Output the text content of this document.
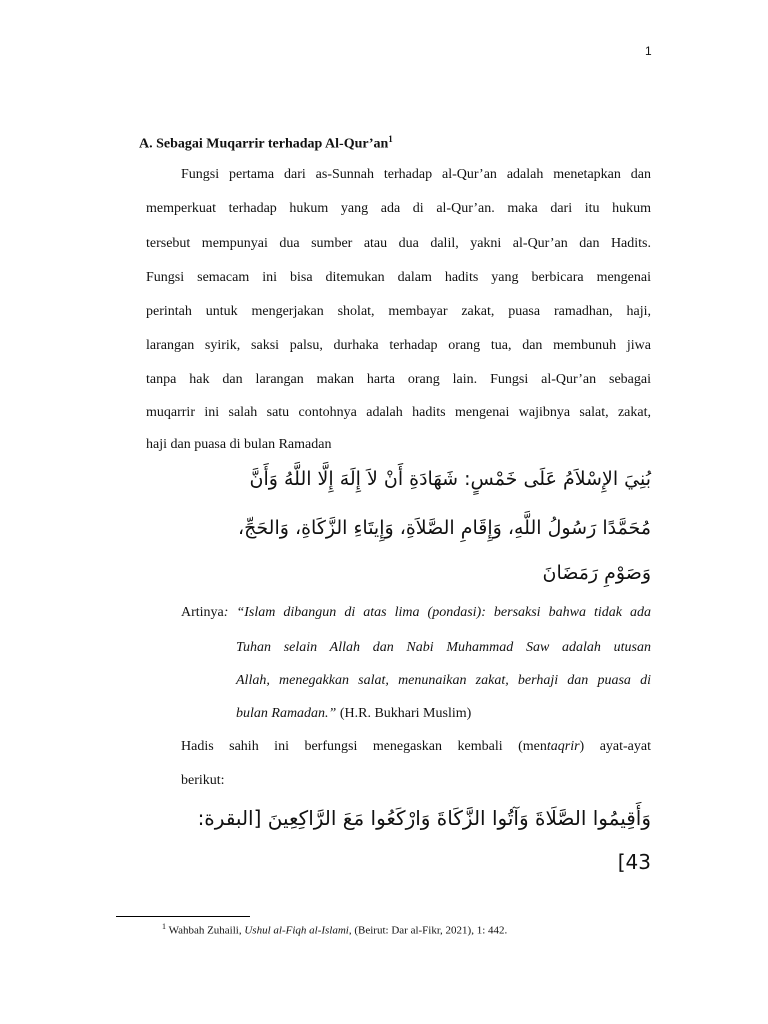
1
A. Sebagai Muqarrir terhadap $Al-Qur’an^1$
Fungsi pertama dari as-Sunnah terhadap al-Qur’an adalah menetapkan dan
memperkuat terhadap hukum yang ada di al-Qur’an. maka dari itu hukum
tersebut mempunyai dua sumber atau dua dalil, yakni al-Qur’an dan Hadits.
Fungsi semacam ini bisa ditemukan dalam hadits yang berbicara mengenai
perintah untuk mengerjakan sholat, membayar zakat, puasa ramadhan, haji,
larangan syirik, saksi palsu, durhaka terhadap orang tua, dan membunuh jiwa
tanpa hak dan larangan makan harta orang lain. Fungsi al-Qur’an sebagai
muqarrir ini salah satu contohnya adalah hadits mengenai wajibnya salat, zakat,
haji dan puasa di bulan Ramadan
بُنِيَ الإِسْلاَمُ عَلَى خَمْسٍ: شَهَادَةِ أَنْ لاَ إِلَهَ إِلَّا اللَّهُ وَأَنَّ
مُحَمَّدًا رَسُولُ اللَّهِ، وَإِقَامِ الصَّلاَةِ، وَإِيتَاءِ الزَّكَاةِ، وَالحَجِّ،
وَصَوْمِ رَمَضَانَ
Artinya: “Islam dibangun di atas lima (pondasi): bersaksi bahwa tidak ada
Tuhan selain Allah dan Nabi Muhammad Saw adalah utusan
Allah, menegakkan salat, menunaikan zakat, berhaji dan puasa di
bulan Ramadan.” (H.R. Bukhari Muslim)
Hadis sahih ini berfungsi menegaskan kembali (mentaqrir) ayat-ayat
berikut:
وَأَقِيمُوا الصَّلَاةَ وَآتُوا الزَّكَاةَ وَارْكَعُوا مَعَ الرَّاكِعِينَ [البقرة:
43]
$^1$ Wahbah Zuhaili, Ushul al-Fiqh al-Islami, (Beirut: Dar al-Fikr, 2021), 1: 442.
